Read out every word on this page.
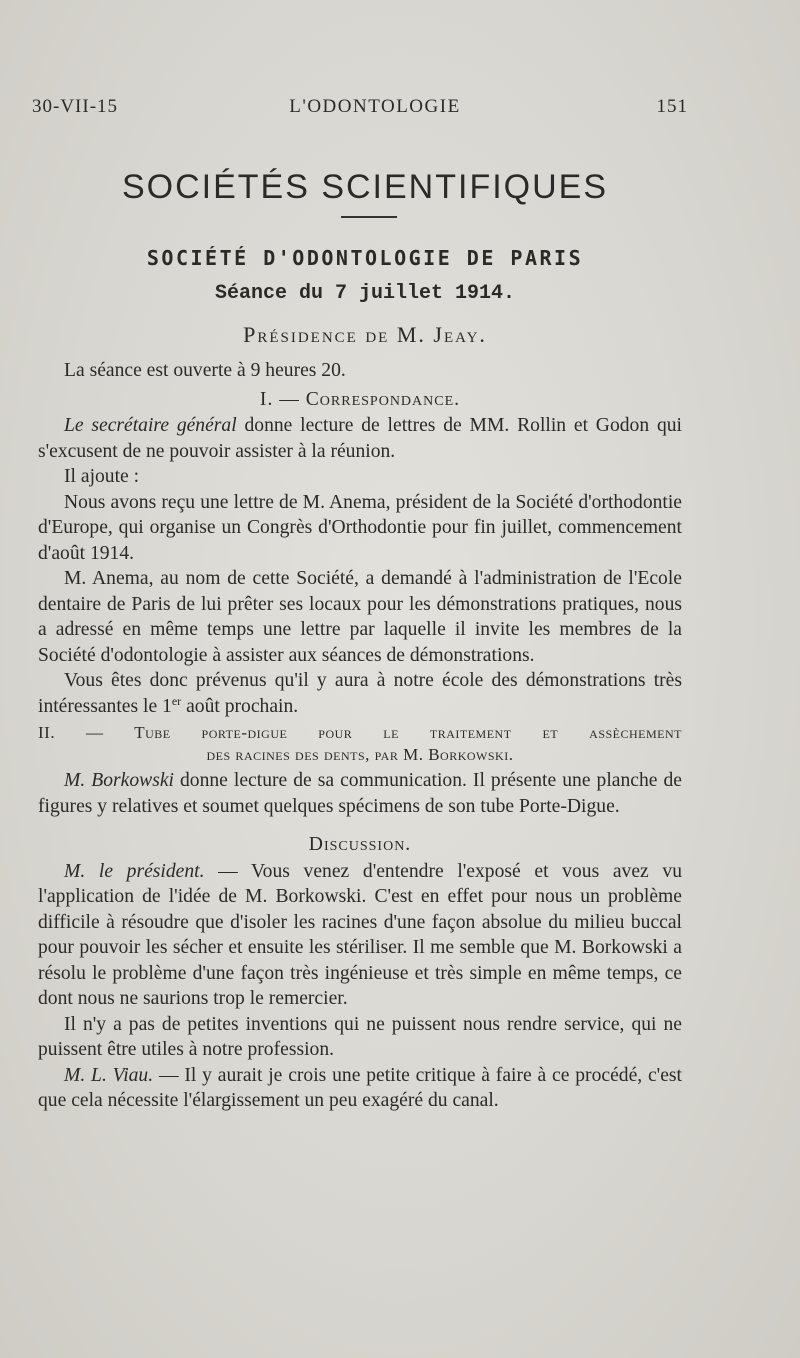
30-VII-15	L'ODONTOLOGIE	151
SOCIÉTÉS SCIENTIFIQUES
SOCIÉTÉ D'ODONTOLOGIE DE PARIS
Séance du 7 juillet 1914.
Présidence de M. Jeay.

La séance est ouverte à 9 heures 20.

I. — Correspondance.

Le secrétaire général donne lecture de lettres de MM. Rollin et Godon qui s'excusent de ne pouvoir assister à la réunion.

Il ajoute :

Nous avons reçu une lettre de M. Anema, président de la Société d'orthodontie d'Europe, qui organise un Congrès d'Orthodontie pour fin juillet, commencement d'août 1914.

M. Anema, au nom de cette Société, a demandé à l'administration de l'Ecole dentaire de Paris de lui prêter ses locaux pour les démonstrations pratiques, nous a adressé en même temps une lettre par laquelle il invite les membres de la Société d'odontologie à assister aux séances de démonstrations.

Vous êtes donc prévenus qu'il y aura à notre école des démonstrations très intéressantes le 1er août prochain.

II. — Tube porte-digue pour le traitement et assèchement
des racines des dents, par M. Borkowski.

M. Borkowski donne lecture de sa communication. Il présente une planche de figures y relatives et soumet quelques spécimens de son tube Porte-Digue.

Discussion.

M. le président. — Vous venez d'entendre l'exposé et vous avez vu l'application de l'idée de M. Borkowski. C'est en effet pour nous un problème difficile à résoudre que d'isoler les racines d'une façon absolue du milieu buccal pour pouvoir les sécher et ensuite les stériliser. Il me semble que M. Borkowski a résolu le problème d'une façon très ingénieuse et très simple en même temps, ce dont nous ne saurions trop le remercier.

Il n'y a pas de petites inventions qui ne puissent nous rendre service, qui ne puissent être utiles à notre profession.

M. L. Viau. — Il y aurait je crois une petite critique à faire à ce procédé, c'est que cela nécessite l'élargissement un peu exagéré du canal.
